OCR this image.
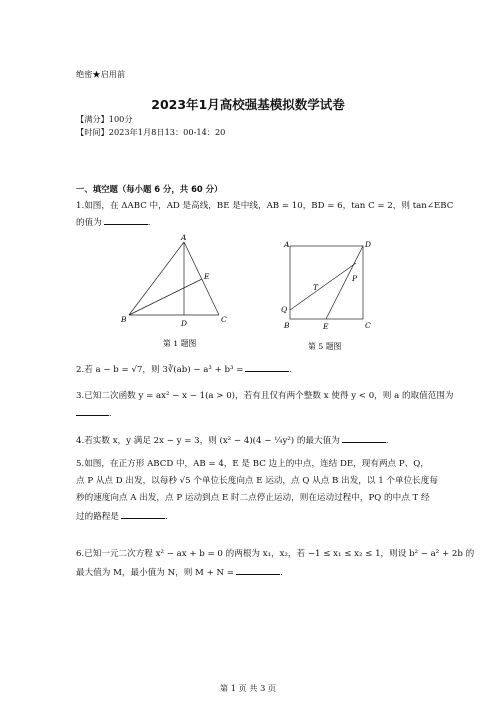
绝密★启用前
2023年1月高校强基模拟数学试卷
【满分】100分
【时间】2023年1月8日13：00-14：20
一、填空题（每小题 6 分，共 60 分）
1.如图，在 ΔABC 中，AD 是高线，BE 是中线，AB = 10，BD = 6，tan C = 2，则 tan∠EBC
的值为	.
A
B	C
D
E
第 1 题图
A	D
B	C
E
P
Q
T
第 5 题图
2.若 a − b = √7，则 3∛(ab) − a³ + b³ =	.
3.已知二次函数 y = ax² − x − 1(a > 0)，若有且仅有两个整数 x 使得 y < 0，则 a 的取值范围为
.
4.若实数 x，y 满足 2x − y = 3，则 (x² − 4)(4 − ¼y²) 的最大值为	.
5.如图，在正方形 ABCD 中，AB = 4，E 是 BC 边上的中点，连结 DE，现有两点 P、Q，
点 P 从点 D 出发，以每秒 √5 个单位长度向点 E 运动，点 Q 从点 B 出发，以 1 个单位长度每
秒的速度向点 A 出发，点 P 运动到点 E 时二点停止运动，则在运动过程中，PQ 的中点 T 经
过的路程是	.
6.已知一元二次方程 x² − ax + b = 0 的两根为 x₁，x₂，若 −1 ≤ x₁ ≤ x₂ ≤ 1，则设 b² − a² + 2b 的
最大值为 M，最小值为 N，则 M + N =	.
第 1 页 共 3 页
